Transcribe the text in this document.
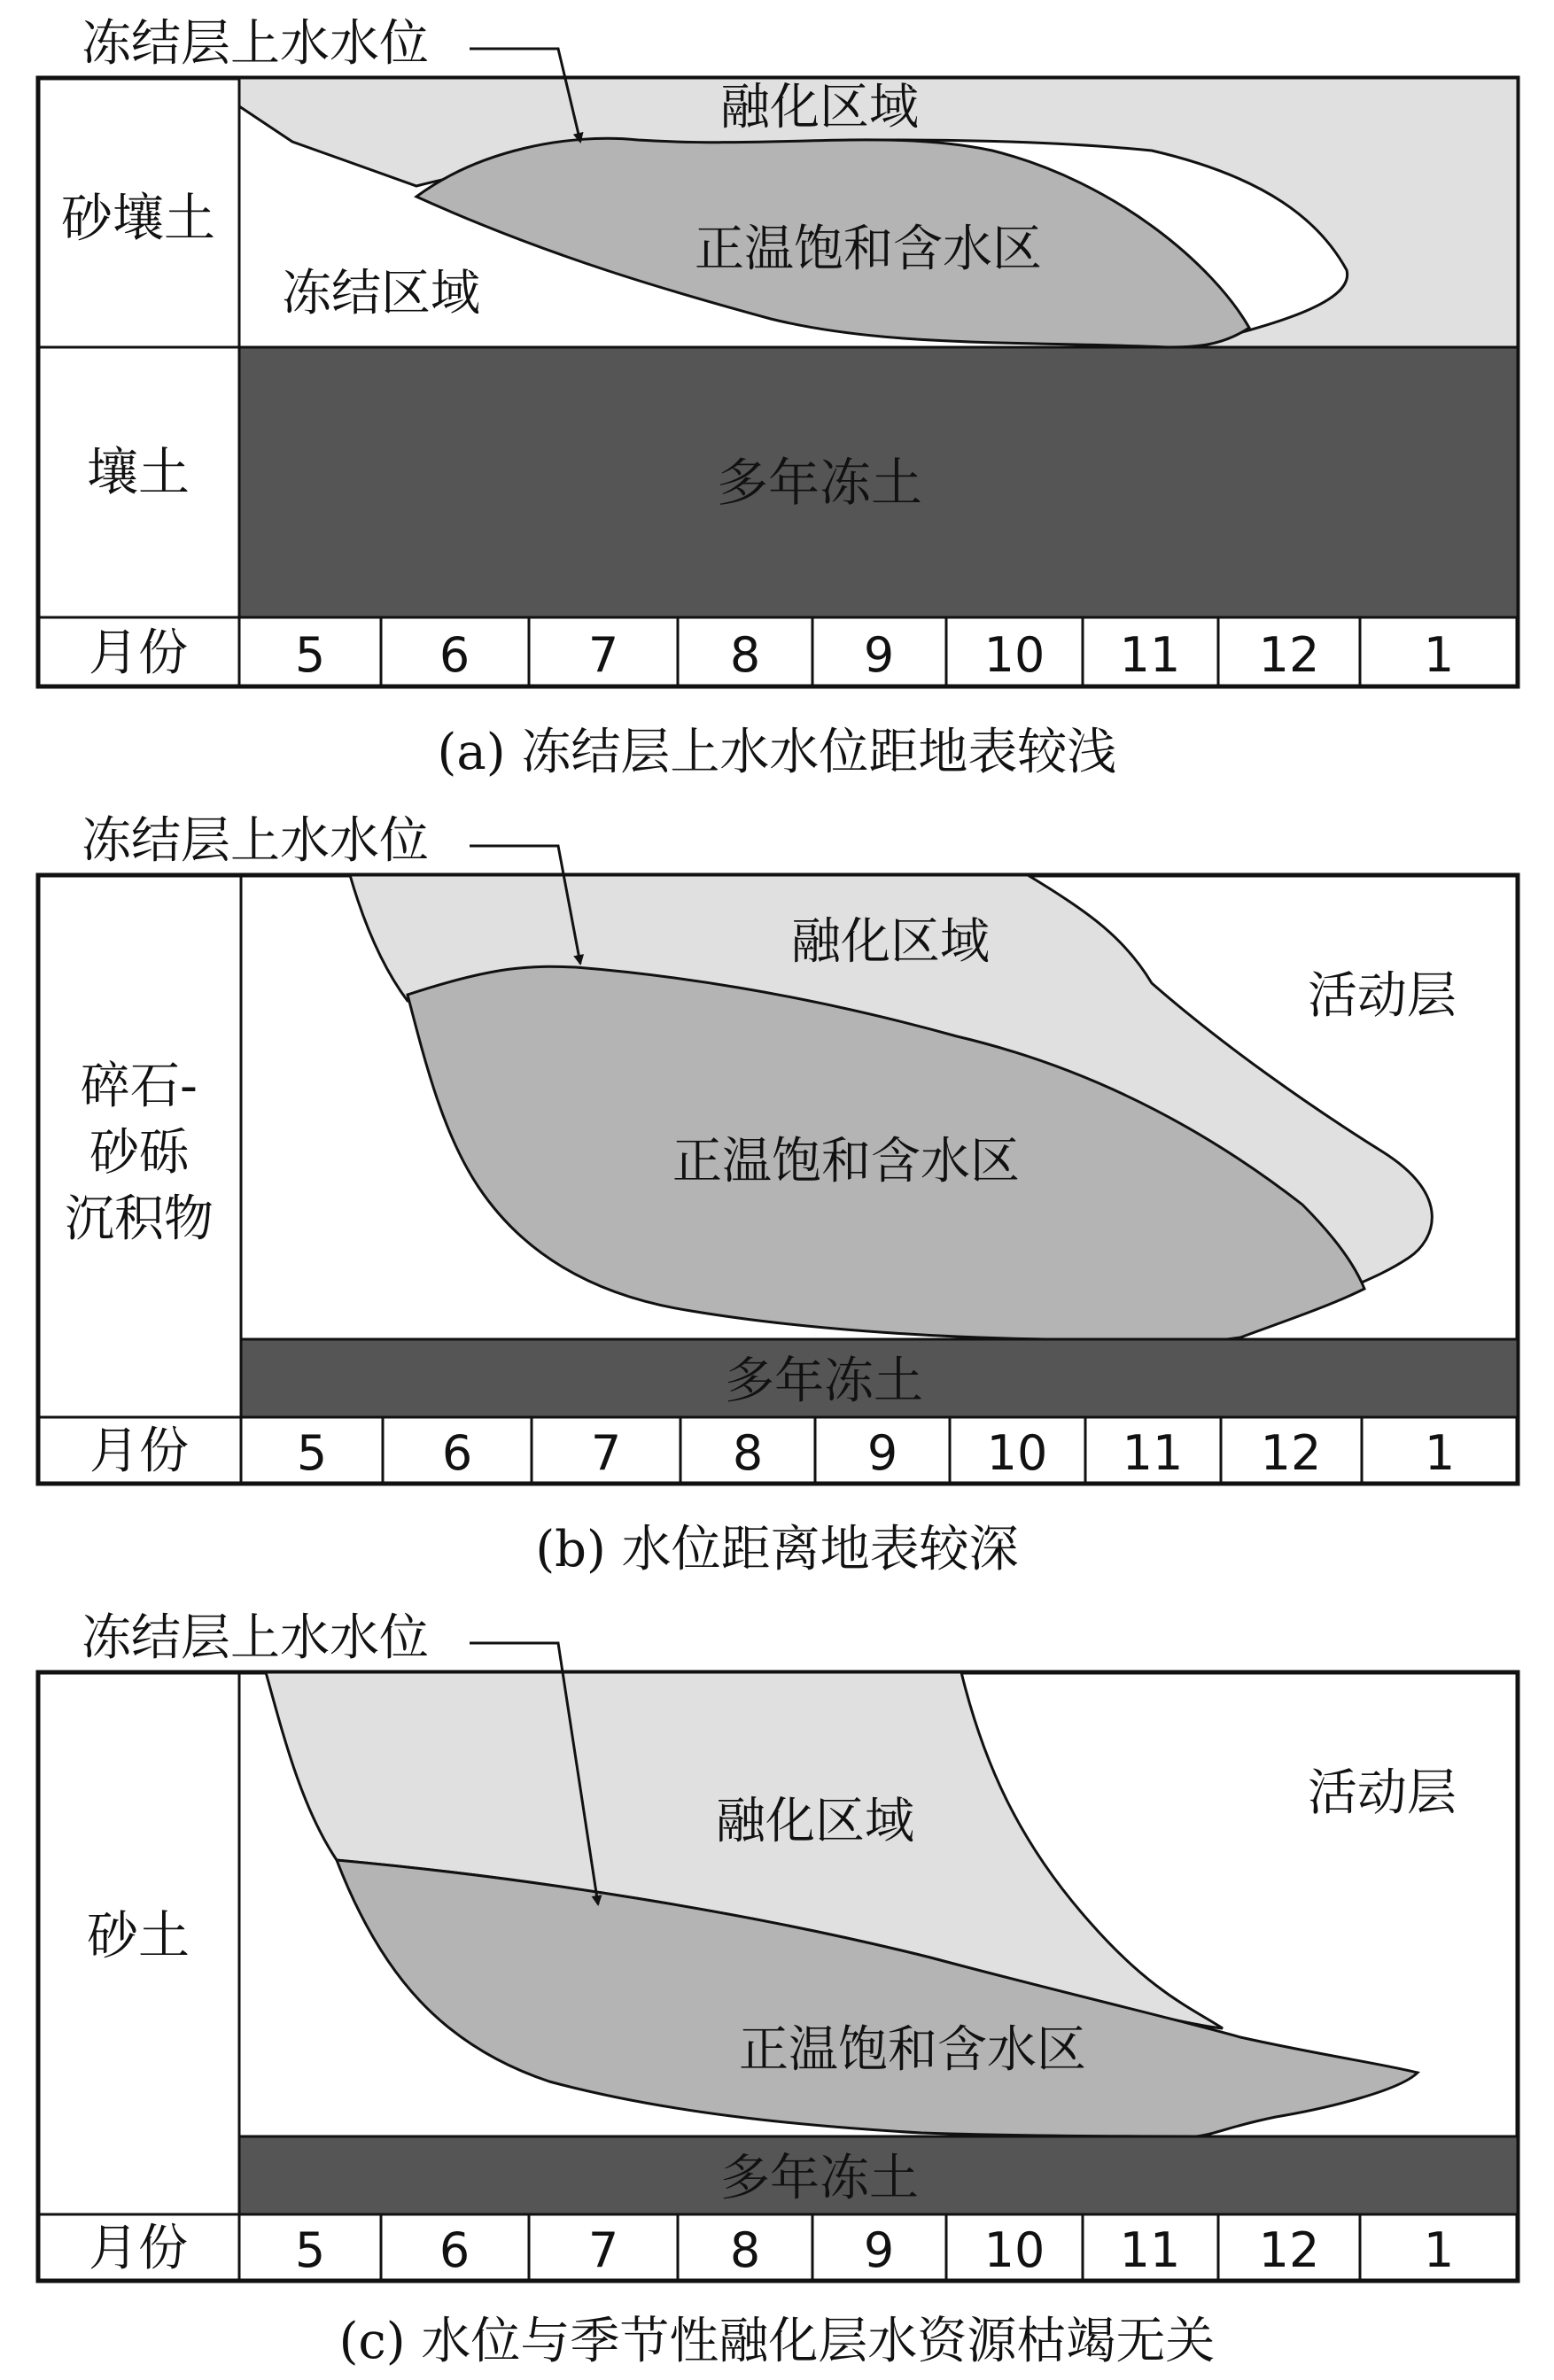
砂壤土
壤土
融化区域
正温饱和含水区
冻结区域
多年冻土
冻结层上水水位
月份 5 6 7 8 9 10 11 12 1
(a) 冻结层上水水位距地表较浅
碎石-
砂砾
沉积物
融化区域
活动层
正温饱和含水区
多年冻土
冻结层上水水位
月份 5 6 7 8 9 10 11 12 1
(b) 水位距离地表较深
砂土
融化区域	活动层
正温饱和含水区
多年冻土
冻结层上水水位
月份 5 6 7 8 9 10 11 12 1
(c) 水位与季节性融化层水资源枯竭无关
